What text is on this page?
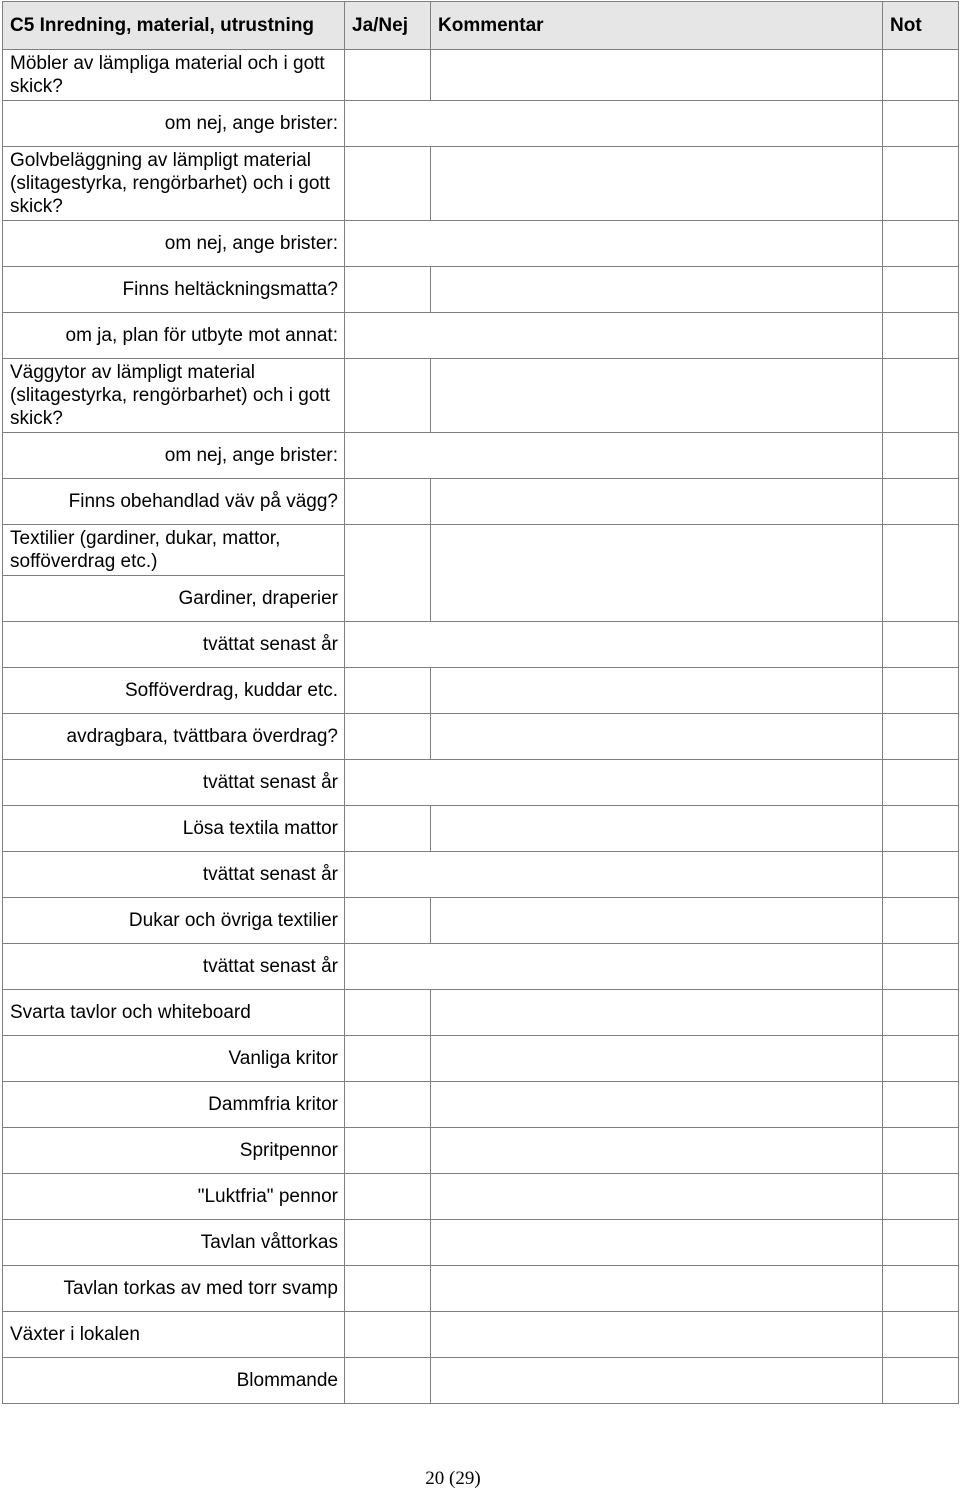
C5 Inredning, material, utrustning	Ja/Nej	Kommentar	Not
Möbler av lämpliga material och i gott skick?			
om nej, ange brister:			
Golvbeläggning av lämpligt material (slitagestyrka, rengörbarhet) och i gott skick?			
om nej, ange brister:			
Finns heltäckningsmatta?			
om ja, plan för utbyte mot annat:			
Väggytor av lämpligt material (slitagestyrka, rengörbarhet) och i gott skick?			
om nej, ange brister:			
Finns obehandlad väv på vägg?			
Textilier (gardiner, dukar, mattor, sofföverdrag etc.)			
Gardiner, draperier			
tvättat senast år			
Sofföverdrag, kuddar etc.			
avdragbara, tvättbara överdrag?			
tvättat senast år			
Lösa textila mattor			
tvättat senast år			
Dukar och övriga textilier			
tvättat senast år			
Svarta tavlor och whiteboard			
Vanliga kritor			
Dammfria kritor			
Spritpennor			
"Luktfria" pennor			
Tavlan våttorkas			
Tavlan torkas av med torr svamp			
Växter i lokalen			
Blommande			
20 (29)
